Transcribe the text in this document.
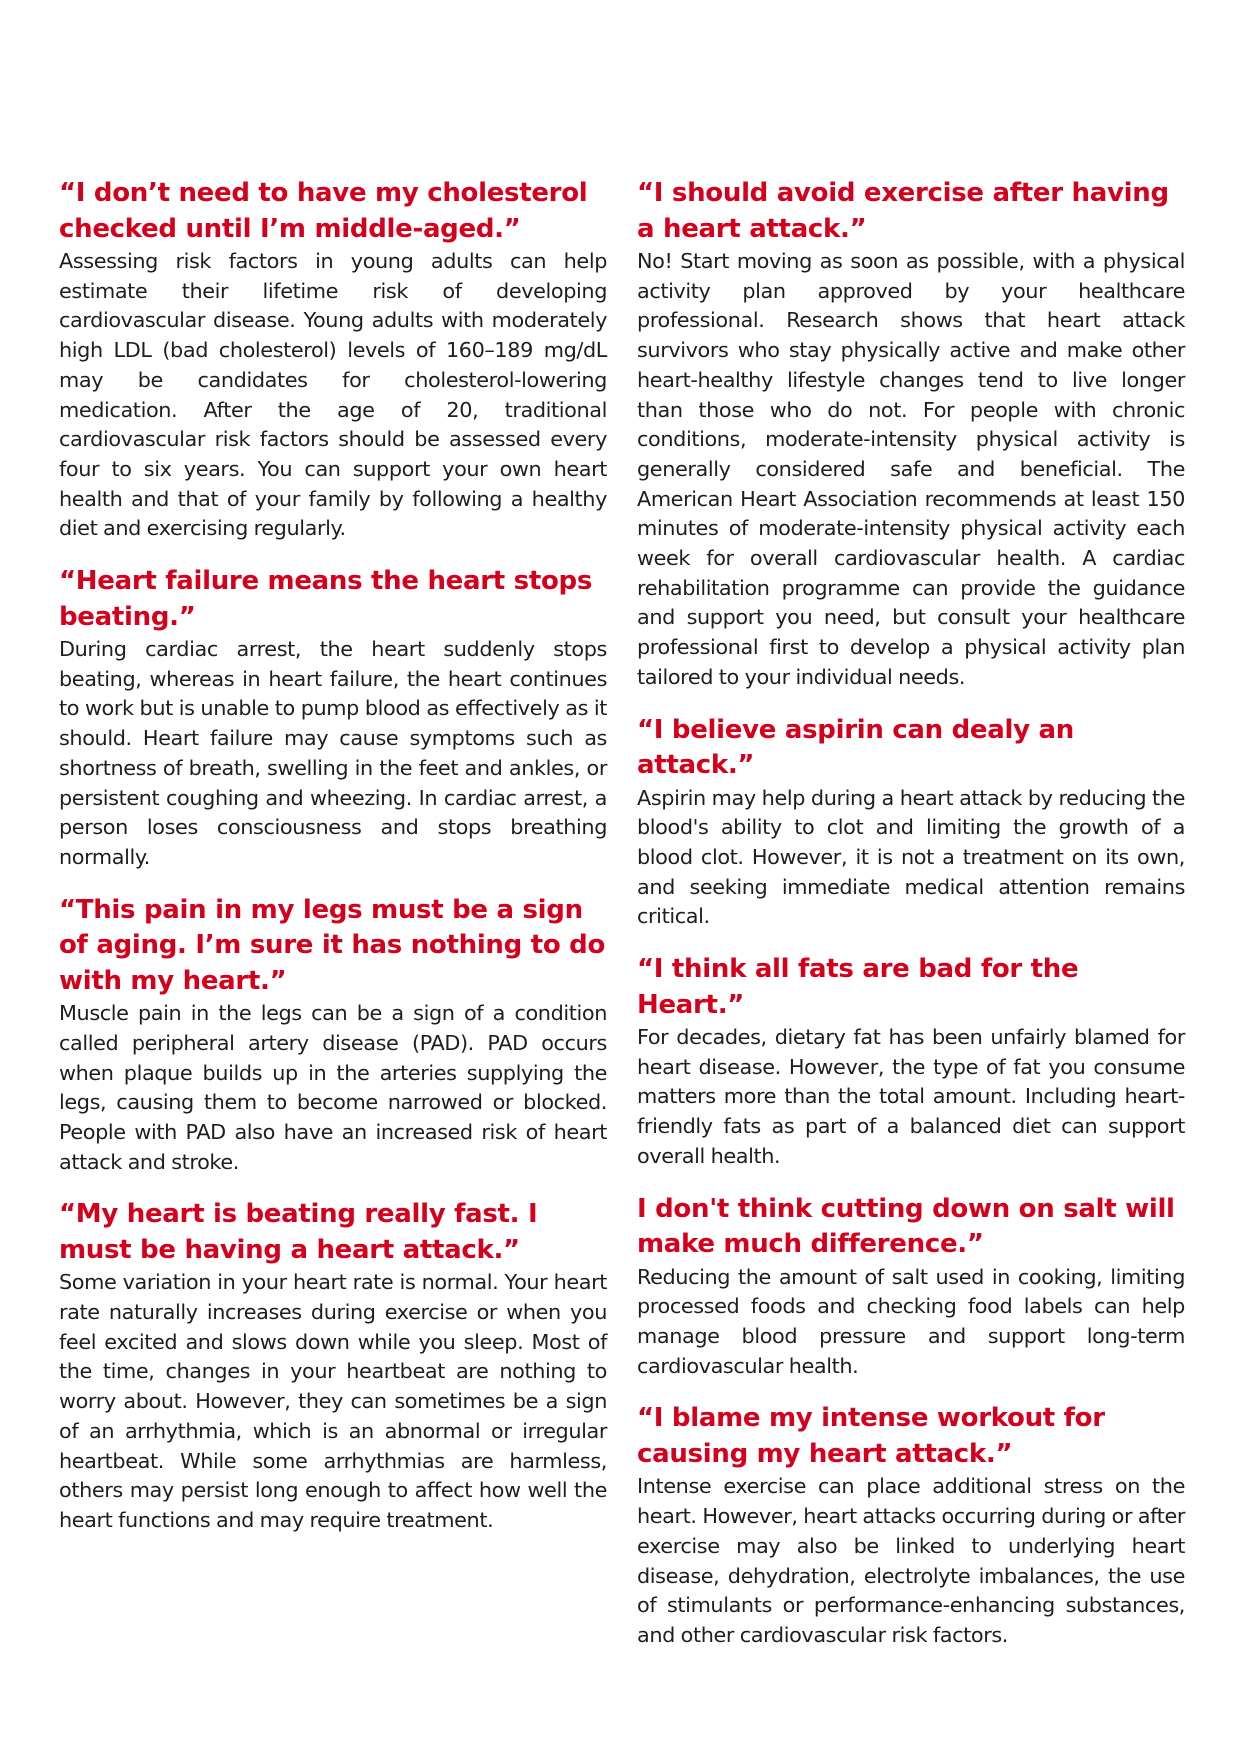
“I don’t need to have my cholesterol checked until I’m middle-aged.”

Assessing risk factors in young adults can help estimate their lifetime risk of developing cardiovascular disease. Young adults with moderately high LDL (bad cholesterol) levels of 160–189 mg/dL may be candidates for cholesterol-lowering medication. After the age of 20, traditional cardiovascular risk factors should be assessed every four to six years. You can support your own heart health and that of your family by following a healthy diet and exercising regularly.

“Heart failure means the heart stops beating.”

During cardiac arrest, the heart suddenly stops beating, whereas in heart failure, the heart continues to work but is unable to pump blood as effectively as it should. Heart failure may cause symptoms such as shortness of breath, swelling in the feet and ankles, or persistent coughing and wheezing. In cardiac arrest, a person loses consciousness and stops breathing normally.

“This pain in my legs must be a sign of aging. I’m sure it has nothing to do with my heart.”

Muscle pain in the legs can be a sign of a condition called peripheral artery disease (PAD). PAD occurs when plaque builds up in the arteries supplying the legs, causing them to become narrowed or blocked. People with PAD also have an increased risk of heart attack and stroke.

“My heart is beating really fast. I must be having a heart attack.”

Some variation in your heart rate is normal. Your heart rate naturally increases during exercise or when you feel excited and slows down while you sleep. Most of the time, changes in your heartbeat are nothing to worry about. However, they can sometimes be a sign of an arrhythmia, which is an abnormal or irregular heartbeat. While some arrhythmias are harmless, others may persist long enough to affect how well the heart functions and may require treatment.

“I should avoid exercise after having a heart attack.”

No! Start moving as soon as possible, with a physical activity plan approved by your healthcare professional. Research shows that heart attack survivors who stay physically active and make other heart-healthy lifestyle changes tend to live longer than those who do not. For people with chronic conditions, moderate-intensity physical activity is generally considered safe and beneficial. The American Heart Association recommends at least 150 minutes of moderate-intensity physical activity each week for overall cardiovascular health. A cardiac rehabilitation programme can provide the guidance and support you need, but consult your healthcare professional first to develop a physical activity plan tailored to your individual needs.

“I believe aspirin can dealy an attack.”

Aspirin may help during a heart attack by reducing the blood's ability to clot and limiting the growth of a blood clot. However, it is not a treatment on its own, and seeking immediate medical attention remains critical.

“I think all fats are bad for the Heart.”

For decades, dietary fat has been unfairly blamed for heart disease. However, the type of fat you consume matters more than the total amount. Including heart-friendly fats as part of a balanced diet can support overall health.

I don't think cutting down on salt will make much difference.”

Reducing the amount of salt used in cooking, limiting processed foods and checking food labels can help manage blood pressure and support long-term cardiovascular health.

“I blame my intense workout for causing my heart attack.”

Intense exercise can place additional stress on the heart. However, heart attacks occurring during or after exercise may also be linked to underlying heart disease, dehydration, electrolyte imbalances, the use of stimulants or performance-enhancing substances, and other cardiovascular risk factors.
